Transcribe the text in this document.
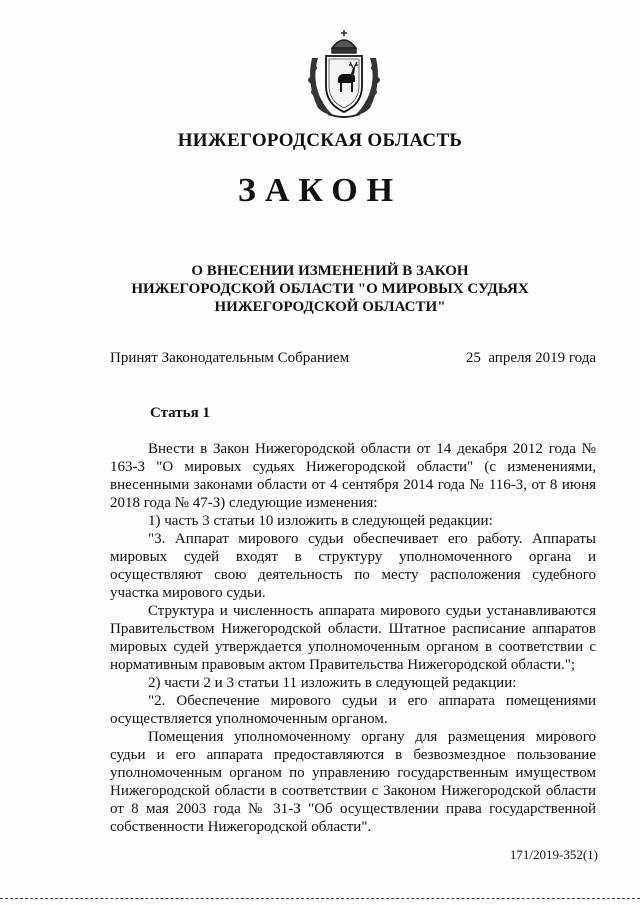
НИЖЕГОРОДСКАЯ ОБЛАСТЬ
ЗАКОН
О ВНЕСЕНИИ ИЗМЕНЕНИЙ В ЗАКОН
НИЖЕГОРОДСКОЙ ОБЛАСТИ "О МИРОВЫХ СУДЬЯХ
НИЖЕГОРОДСКОЙ ОБЛАСТИ"
Принят Законодательным Собранием	25  апреля 2019 года
Статья 1

Внести в Закон Нижегородской области от 14 декабря 2012 года № 163-З "О мировых судьях Нижегородской области" (с изменениями, внесенными законами области от 4 сентября 2014 года № 116-З, от 8 июня 2018 года № 47-З) следующие изменения:

1) часть 3 статьи 10 изложить в следующей редакции:

"3. Аппарат мирового судьи обеспечивает его работу. Аппараты мировых судей входят в структуру уполномоченного органа и осуществляют свою деятельность по месту расположения судебного участка мирового судьи.

Структура и численность аппарата мирового судьи устанавливаются Правительством Нижегородской области. Штатное расписание аппаратов мировых судей утверждается уполномоченным органом в соответствии с нормативным правовым актом Правительства Нижегородской области.";

2) части 2 и 3 статьи 11 изложить в следующей редакции:

"2. Обеспечение мирового судьи и его аппарата помещениями осуществляется уполномоченным органом.

Помещения уполномоченному органу для размещения мирового судьи и его аппарата предоставляются в безвозмездное пользование уполномоченным органом по управлению государственным имуществом Нижегородской области в соответствии с Законом Нижегородской области от 8 мая 2003 года № 31-З "Об осуществлении права государственной собственности Нижегородской области".

171/2019-352(1)
